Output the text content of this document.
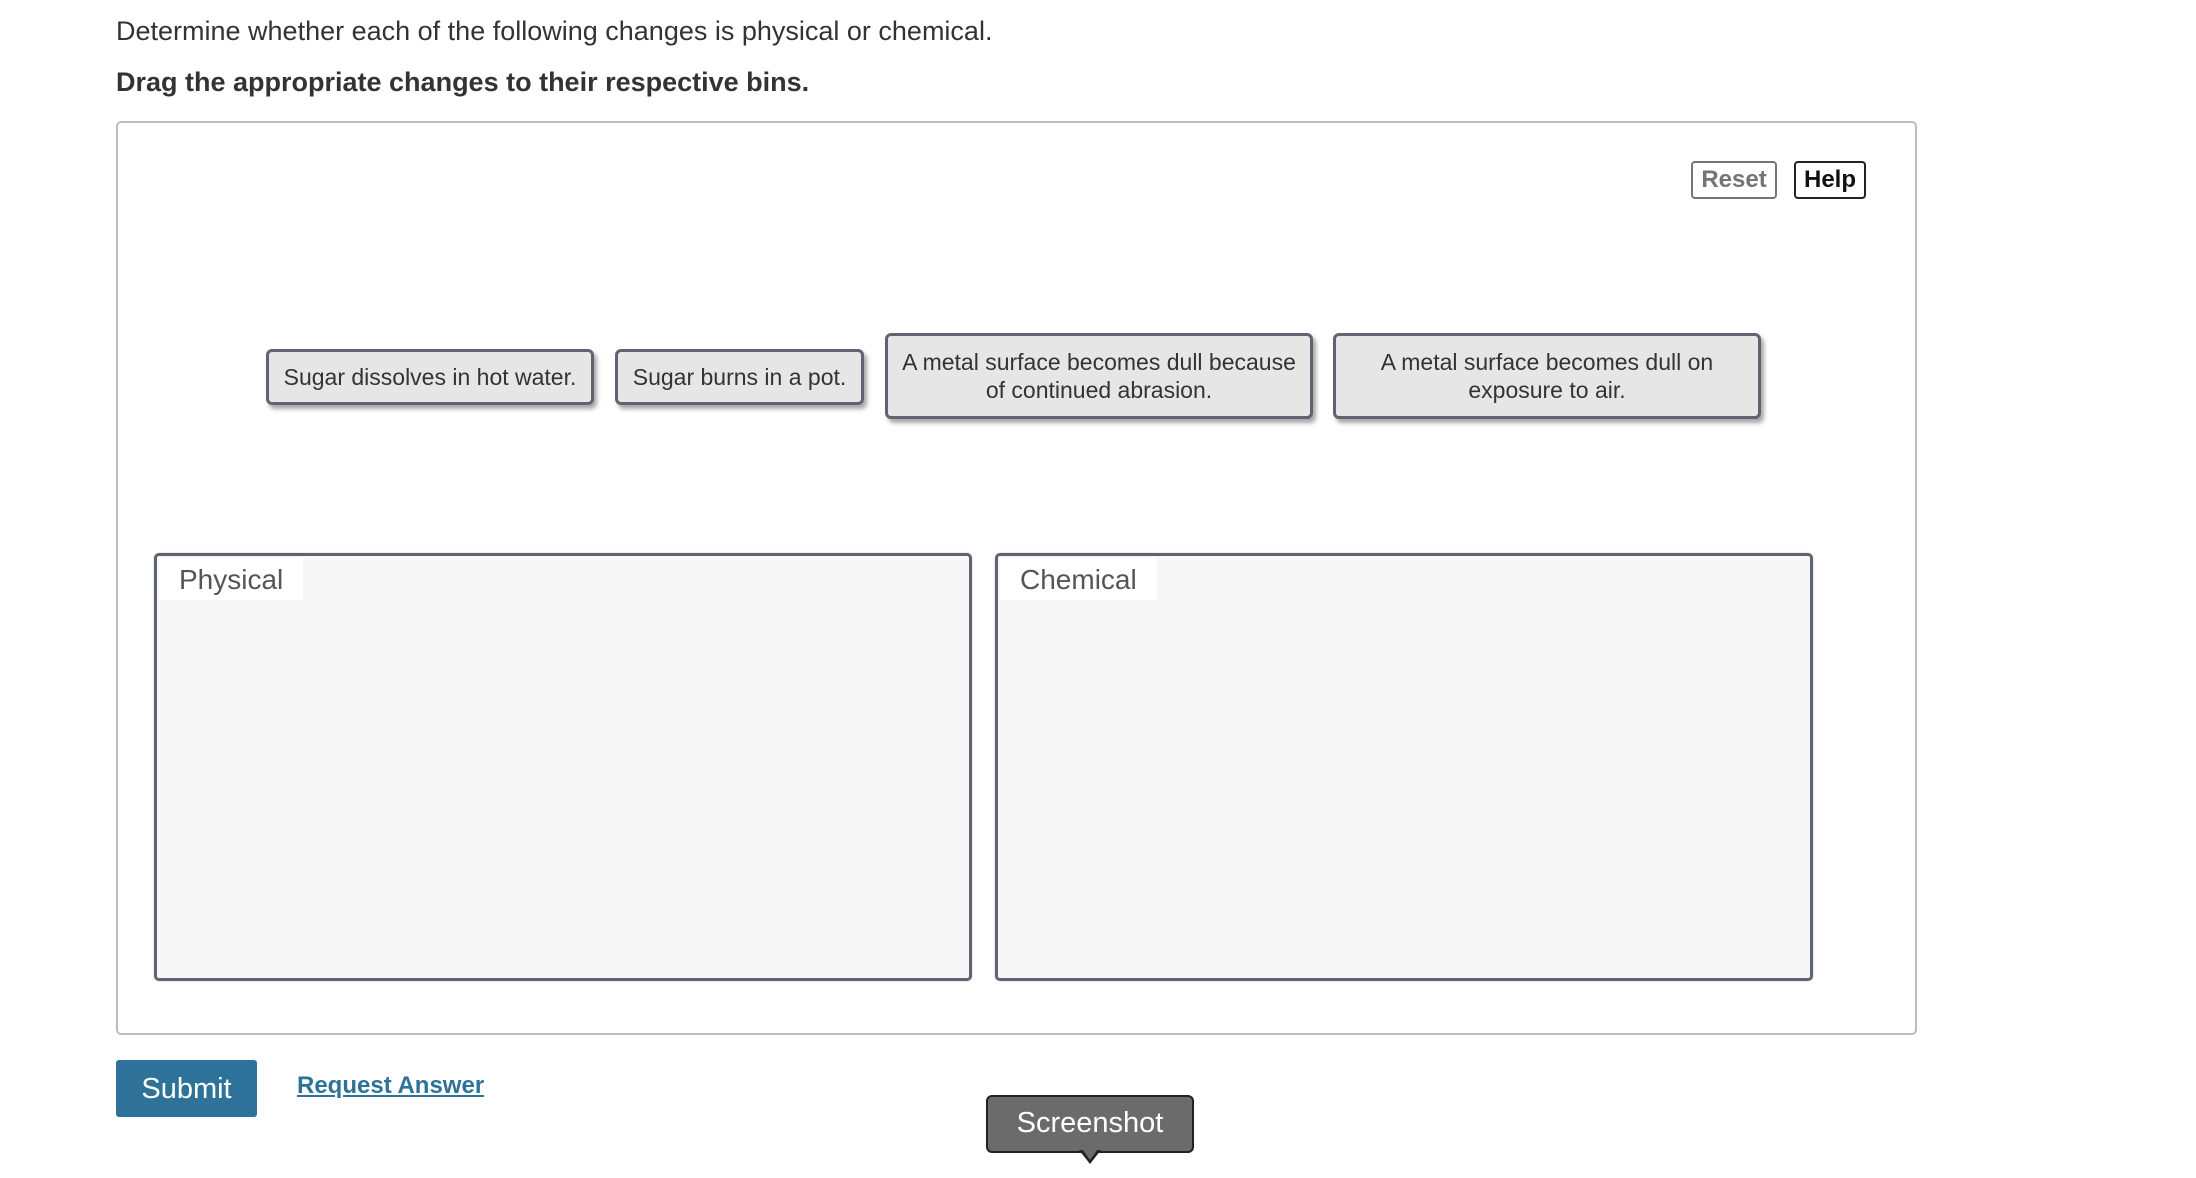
Determine whether each of the following changes is physical or chemical.
Drag the appropriate changes to their respective bins.
Reset	Help
Sugar dissolves in hot water.	Sugar burns in a pot.
A metal surface becomes dull because of continued abrasion.
A metal surface becomes dull on exposure to air.
Physical	Chemical
Submit	Request Answer
Screenshot
